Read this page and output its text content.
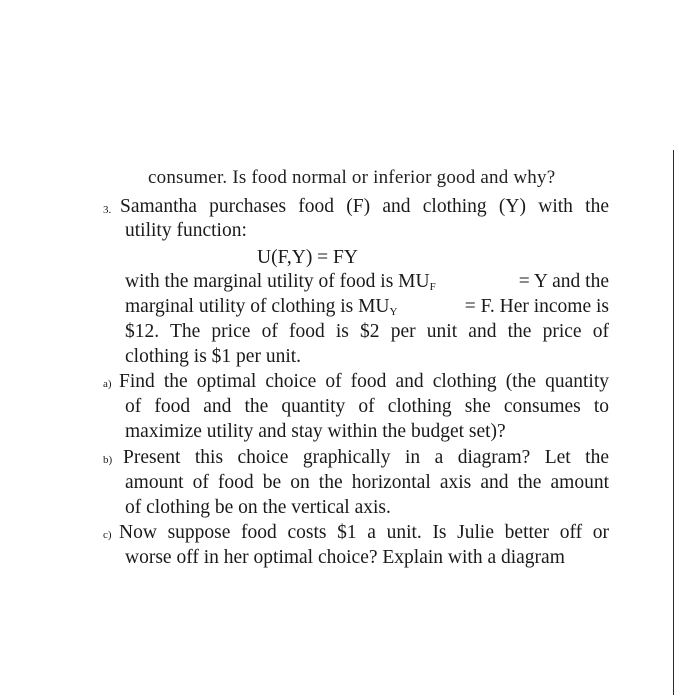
consumer. Is food normal or inferior good and why?
3. Samantha purchases food (F) and clothing (Y) with the
utility function:
U(F,Y) = FY
with the marginal utility of food is $MU_F$	= Y and the
marginal utility of clothing is $MU_Y$	= F. Her income is
$12. The price of food is $2 per unit and the price of
clothing is $1 per unit.
a) Find the optimal choice of food and clothing (the quantity
of food and the quantity of clothing she consumes to
maximize utility and stay within the budget set)?
b) Present this choice graphically in a diagram? Let the
amount of food be on the horizontal axis and the amount
of clothing be on the vertical axis.
c) Now suppose food costs $1 a unit. Is Julie better off or
worse off in her optimal choice? Explain with a diagram
